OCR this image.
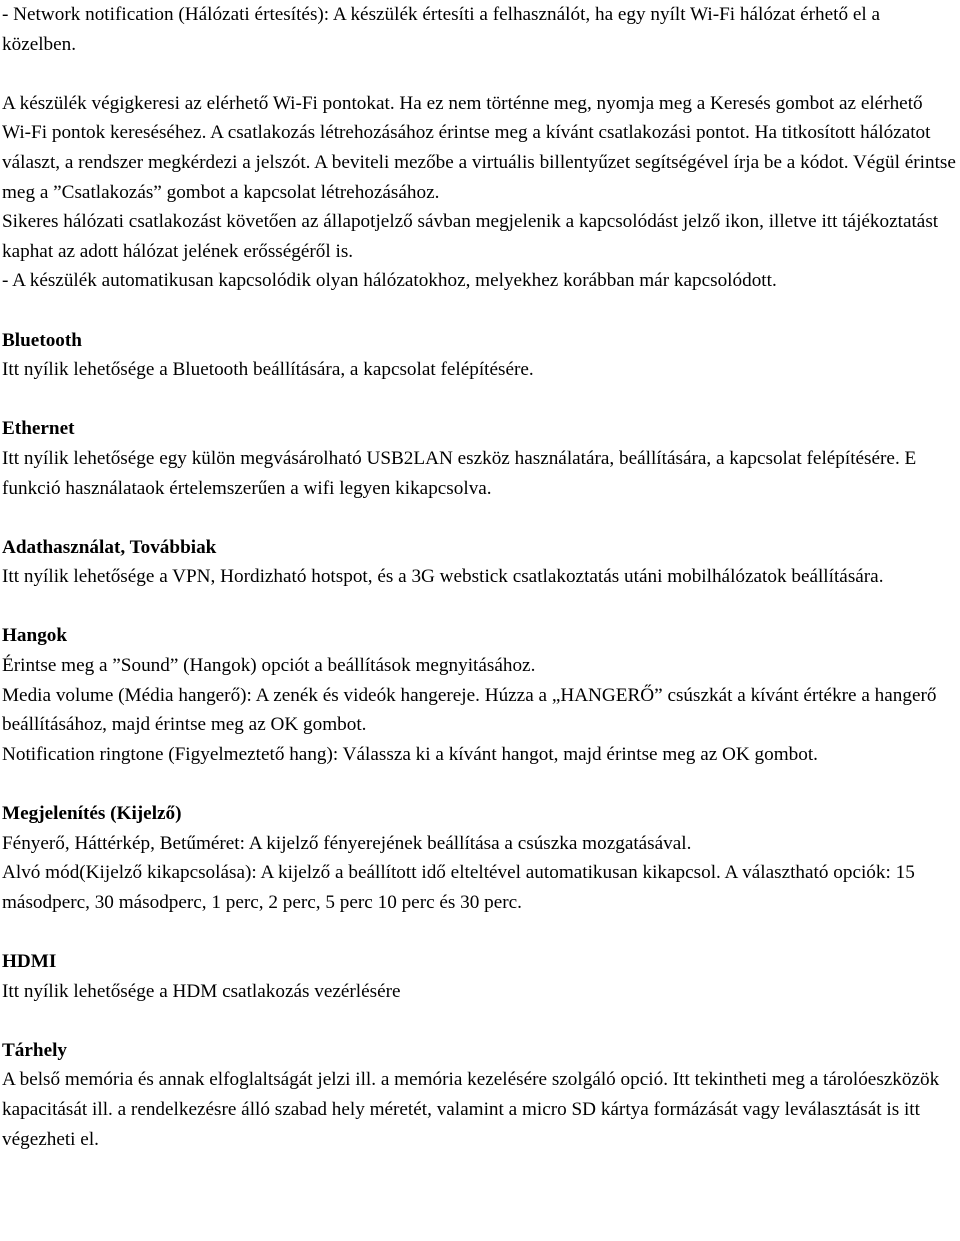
- Network notification (Hálózati értesítés): A készülék értesíti a felhasználót, ha egy nyílt Wi-Fi hálózat érhető el a közelben.

A készülék végigkeresi az elérhető Wi-Fi pontokat. Ha ez nem történne meg, nyomja meg a Keresés gombot az elérhető Wi-Fi pontok kereséséhez. A csatlakozás létrehozásához érintse meg a kívánt csatlakozási pontot. Ha titkosított hálózatot választ, a rendszer megkérdezi a jelszót. A beviteli mezőbe a virtuális billentyűzet segítségével írja be a kódot. Végül érintse meg a ”Csatlakozás” gombot a kapcsolat létrehozásához.

Sikeres hálózati csatlakozást követően az állapotjelző sávban megjelenik a kapcsolódást jelző ikon, illetve itt tájékoztatást kaphat az adott hálózat jelének erősségéről is.

- A készülék automatikusan kapcsolódik olyan hálózatokhoz, melyekhez korábban már kapcsolódott.

Bluetooth

Itt nyílik lehetősége a Bluetooth beállítására, a kapcsolat felépítésére.

Ethernet

Itt nyílik lehetősége egy külön megvásárolható USB2LAN eszköz használatára, beállítására, a kapcsolat felépítésére. E funkció használataok értelemszerűen a wifi legyen kikapcsolva.

Adathasználat, Továbbiak

Itt nyílik lehetősége a VPN, Hordizható hotspot, és a 3G webstick csatlakoztatás utáni mobilhálózatok beállítására.

Hangok

Érintse meg a ”Sound” (Hangok) opciót a beállítások megnyitásához.

Media volume (Média hangerő): A zenék és videók hangereje. Húzza a „HANGERŐ” csúszkát a kívánt értékre a hangerő beállításához, majd érintse meg az OK gombot.

Notification ringtone (Figyelmeztető hang): Válassza ki a kívánt hangot, majd érintse meg az OK gombot.

Megjelenítés (Kijelző)

Fényerő, Háttérkép, Betűméret: A kijelző fényerejének beállítása a csúszka mozgatásával.

Alvó mód(Kijelző kikapcsolása): A kijelző a beállított idő elteltével automatikusan kikapcsol. A választható opciók: 15 másodperc, 30 másodperc, 1 perc, 2 perc, 5 perc 10 perc és 30 perc.

HDMI

Itt nyílik lehetősége a HDM csatlakozás vezérlésére

Tárhely

A belső memória és annak elfoglaltságát jelzi ill. a memória kezelésére szolgáló opció. Itt tekintheti meg a tárolóeszközök kapacitását ill. a rendelkezésre álló szabad hely méretét, valamint a micro SD kártya formázását vagy leválasztását is itt végezheti el.
